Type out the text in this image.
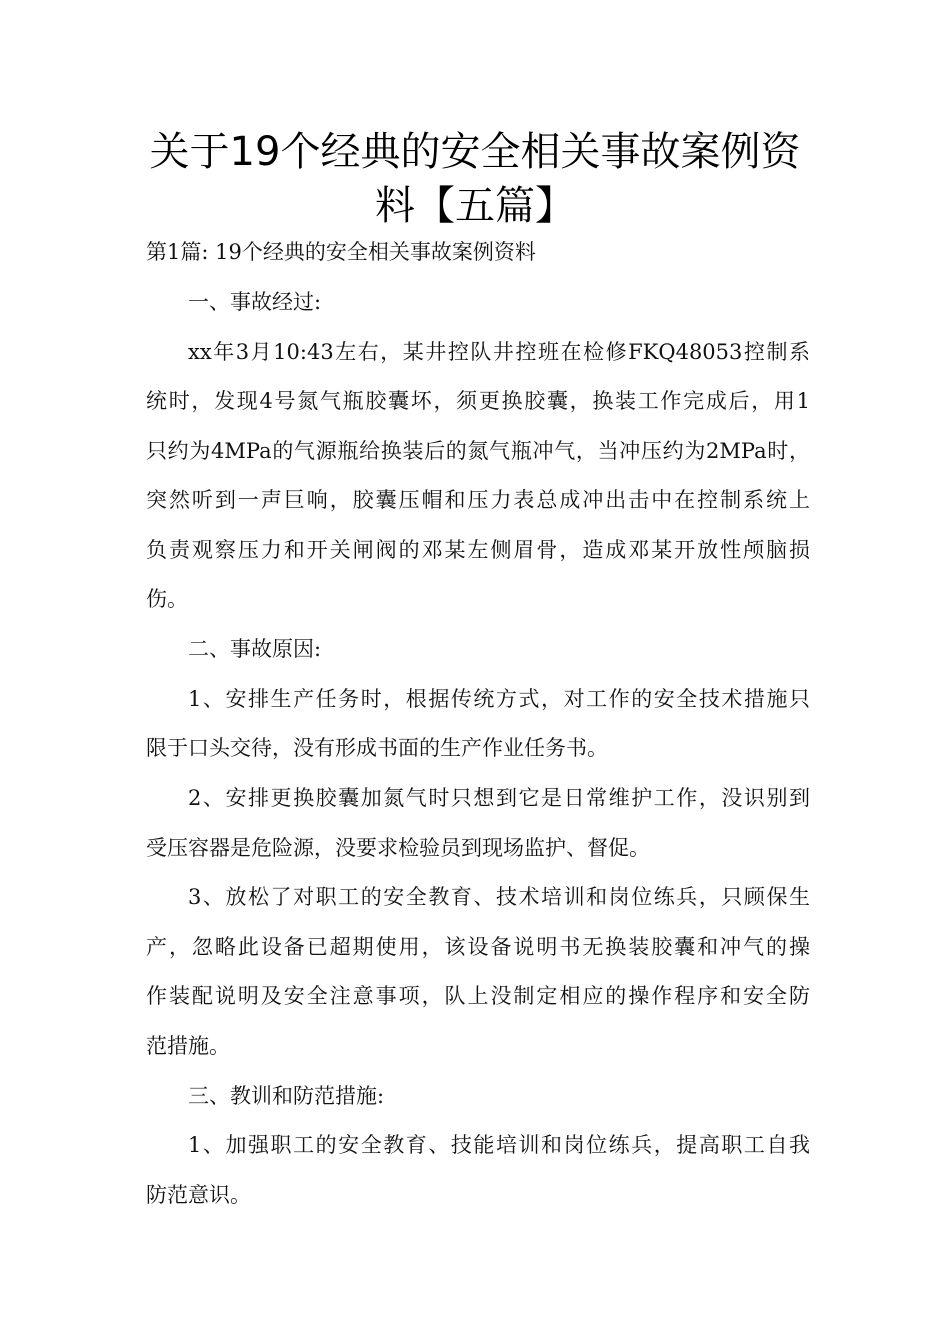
关于19个经典的安全相关事故案例资
料【五篇】

第1篇: 19个经典的安全相关事故案例资料

一、事故经过:

xx年3月10:43左右，某井控队井控班在检修FKQ48053控制系

统时，发现4号氮气瓶胶囊坏，须更换胶囊，换装工作完成后，用1

只约为4MPa的气源瓶给换装后的氮气瓶冲气，当冲压约为2MPa时，

突然听到一声巨响，胶囊压帽和压力表总成冲出击中在控制系统上

负责观察压力和开关闸阀的邓某左侧眉骨，造成邓某开放性颅脑损

伤。

二、事故原因:

1、安排生产任务时，根据传统方式，对工作的安全技术措施只

限于口头交待，没有形成书面的生产作业任务书。

2、安排更换胶囊加氮气时只想到它是日常维护工作，没识别到

受压容器是危险源，没要求检验员到现场监护、督促。

3、放松了对职工的安全教育、技术培训和岗位练兵，只顾保生

产，忽略此设备已超期使用，该设备说明书无换装胶囊和冲气的操

作装配说明及安全注意事项，队上没制定相应的操作程序和安全防

范措施。

三、教训和防范措施:

1、加强职工的安全教育、技能培训和岗位练兵，提高职工自我

防范意识。
